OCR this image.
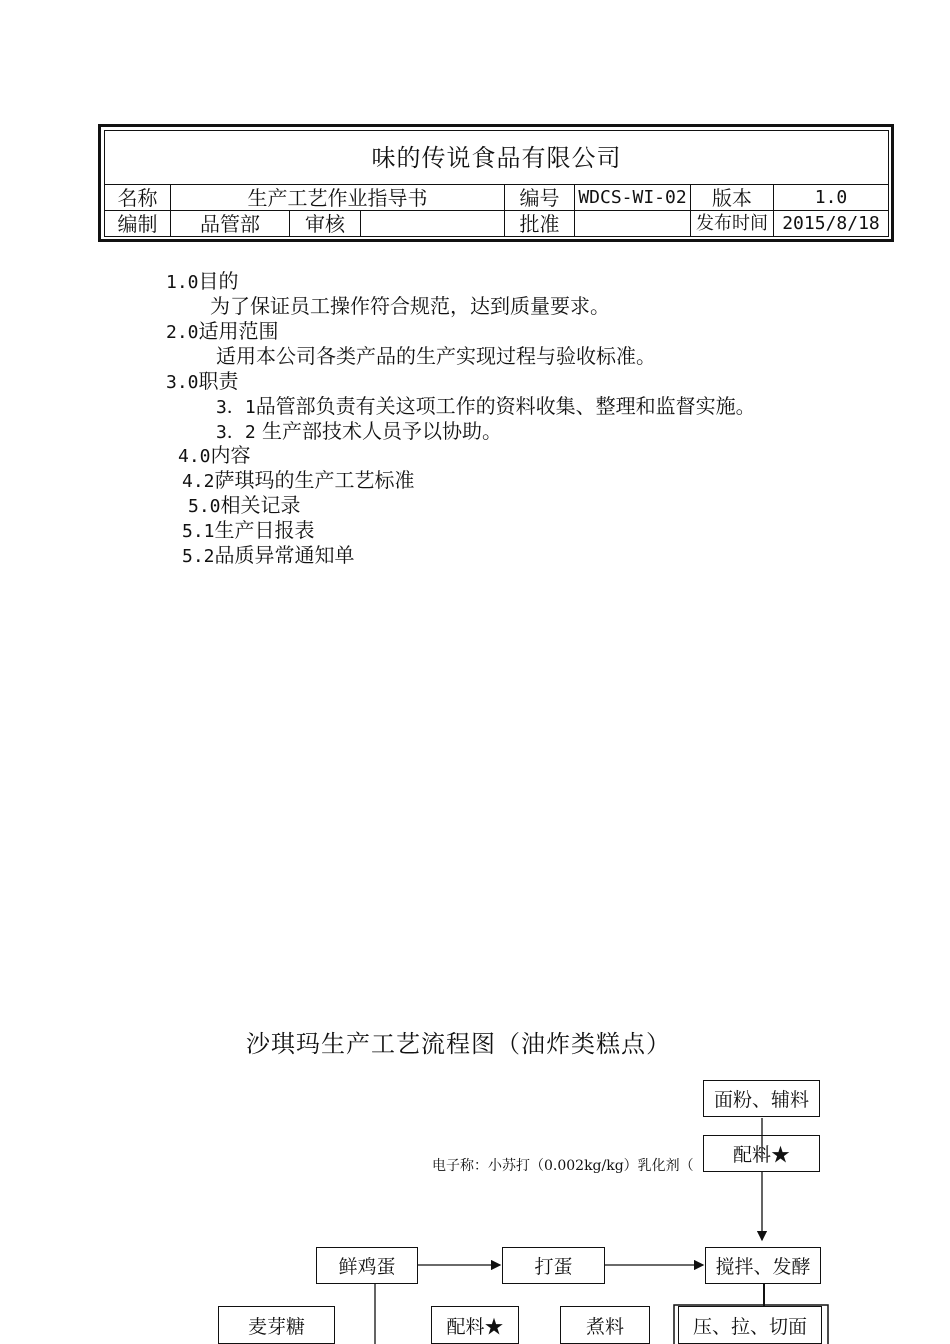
味的传说食品有限公司							
名称	生产工艺作业指导书			编号	WDCS-WI-02	版本	1.0
编制	品管部	审核		批准		发布时间	2015/8/18
1.0目的
为了保证员工操作符合规范，达到质量要求。
2.0适用范围
适用本公司各类产品的生产实现过程与验收标准。
3.0职责
3．1品管部负责有关这项工作的资料收集、整理和监督实施。
3．2 生产部技术人员予以协助。
4.0内容
4.2萨琪玛的生产工艺标准
5.0相关记录
5.1生产日报表
5.2品质异常通知单
沙琪玛生产工艺流程图（油炸类糕点）
面粉、辅料
配料★
电子称：小苏打（0.002kg/kg）乳化剂（
鲜鸡蛋	打蛋	搅拌、发酵
麦芽糖	配料★	煮料	压、拉、切面
